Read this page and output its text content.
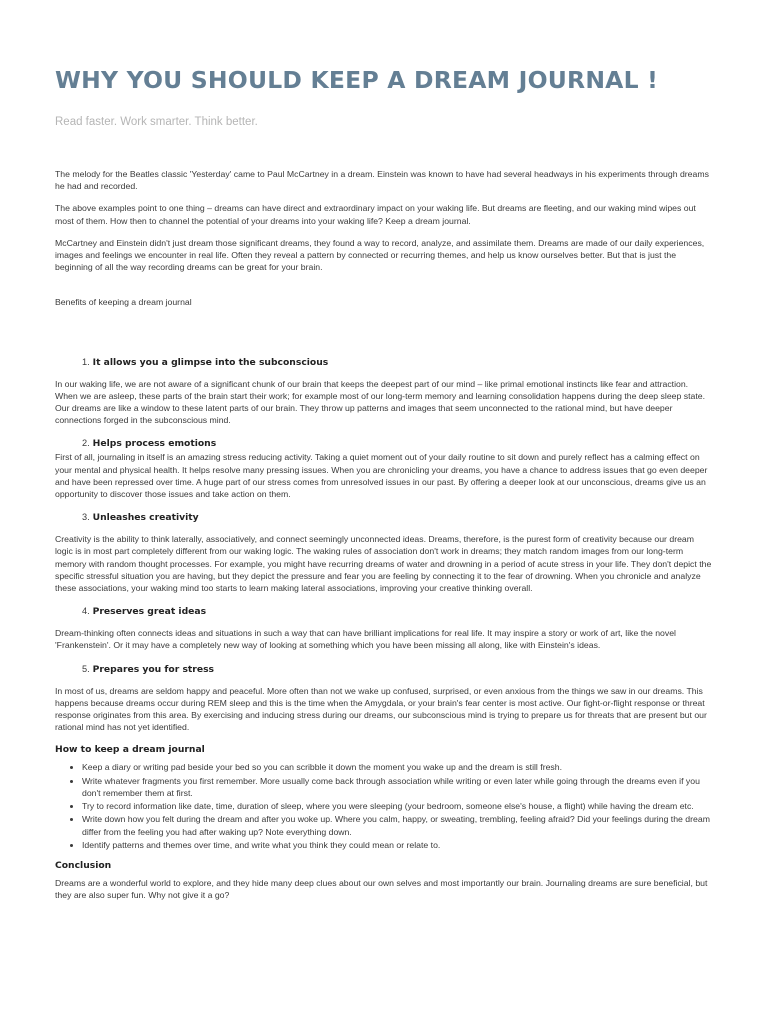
WHY YOU SHOULD KEEP A DREAM JOURNAL !
Read faster. Work smarter. Think better.

The melody for the Beatles classic 'Yesterday' came to Paul McCartney in a dream. Einstein was known to have had several headways in his experiments through dreams he had and recorded.

The above examples point to one thing – dreams can have direct and extraordinary impact on your waking life. But dreams are fleeting, and our waking mind wipes out most of them. How then to channel the potential of your dreams into your waking life? Keep a dream journal.

McCartney and Einstein didn't just dream those significant dreams, they found a way to record, analyze, and assimilate them. Dreams are made of our daily experiences, images and feelings we encounter in real life. Often they reveal a pattern by connected or recurring themes, and help us know ourselves better. But that is just the beginning of all the way recording dreams can be great for your brain.

Benefits of keeping a dream journal

1. It allows you a glimpse into the subconscious

In our waking life, we are not aware of a significant chunk of our brain that keeps the deepest part of our mind – like primal emotional instincts like fear and attraction. When we are asleep, these parts of the brain start their work; for example most of our long-term memory and learning consolidation happens during the deep sleep state. Our dreams are like a window to these latent parts of our brain. They throw up patterns and images that seem unconnected to the rational mind, but have deeper connections forged in the subconscious mind.

2. Helps process emotions

First of all, journaling in itself is an amazing stress reducing activity. Taking a quiet moment out of your daily routine to sit down and purely reflect has a calming effect on your mental and physical health. It helps resolve many pressing issues. When you are chronicling your dreams, you have a chance to address issues that go even deeper and have been repressed over time. A huge part of our stress comes from unresolved issues in our past. By offering a deeper look at our unconscious, dreams give us an opportunity to discover those issues and take action on them.

3. Unleashes creativity

Creativity is the ability to think laterally, associatively, and connect seemingly unconnected ideas. Dreams, therefore, is the purest form of creativity because our dream logic is in most part completely different from our waking logic. The waking rules of association don't work in dreams; they match random images from our long-term memory with random thought processes. For example, you might have recurring dreams of water and drowning in a period of acute stress in your life. They don't depict the specific stressful situation you are having, but they depict the pressure and fear you are feeling by connecting it to the fear of drowning. When you chronicle and analyze these associations, your waking mind too starts to learn making lateral associations, improving your creative thinking overall.

4. Preserves great ideas

Dream-thinking often connects ideas and situations in such a way that can have brilliant implications for real life. It may inspire a story or work of art, like the novel 'Frankenstein'. Or it may have a completely new way of looking at something which you have been missing all along, like with Einstein's ideas.

5. Prepares you for stress

In most of us, dreams are seldom happy and peaceful. More often than not we wake up confused, surprised, or even anxious from the things we saw in our dreams. This happens because dreams occur during REM sleep and this is the time when the Amygdala, or your brain's fear center is most active. Our fight-or-flight response or threat response originates from this area. By exercising and inducing stress during our dreams, our subconscious mind is trying to prepare us for threats that are present but our rational mind has not yet identified.

How to keep a dream journal
• Keep a diary or writing pad beside your bed so you can scribble it down the moment you wake up and the dream is still fresh.
• Write whatever fragments you first remember. More usually come back through association while writing or even later while going through the dreams even if you don't remember them at first.
• Try to record information like date, time, duration of sleep, where you were sleeping (your bedroom, someone else's house, a flight) while having the dream etc.
• Write down how you felt during the dream and after you woke up. Where you calm, happy, or sweating, trembling, feeling afraid? Did your feelings during the dream differ from the feeling you had after waking up? Note everything down.
• Identify patterns and themes over time, and write what you think they could mean or relate to.
Conclusion

Dreams are a wonderful world to explore, and they hide many deep clues about our own selves and most importantly our brain. Journaling dreams are sure beneficial, but they are also super fun. Why not give it a go?
